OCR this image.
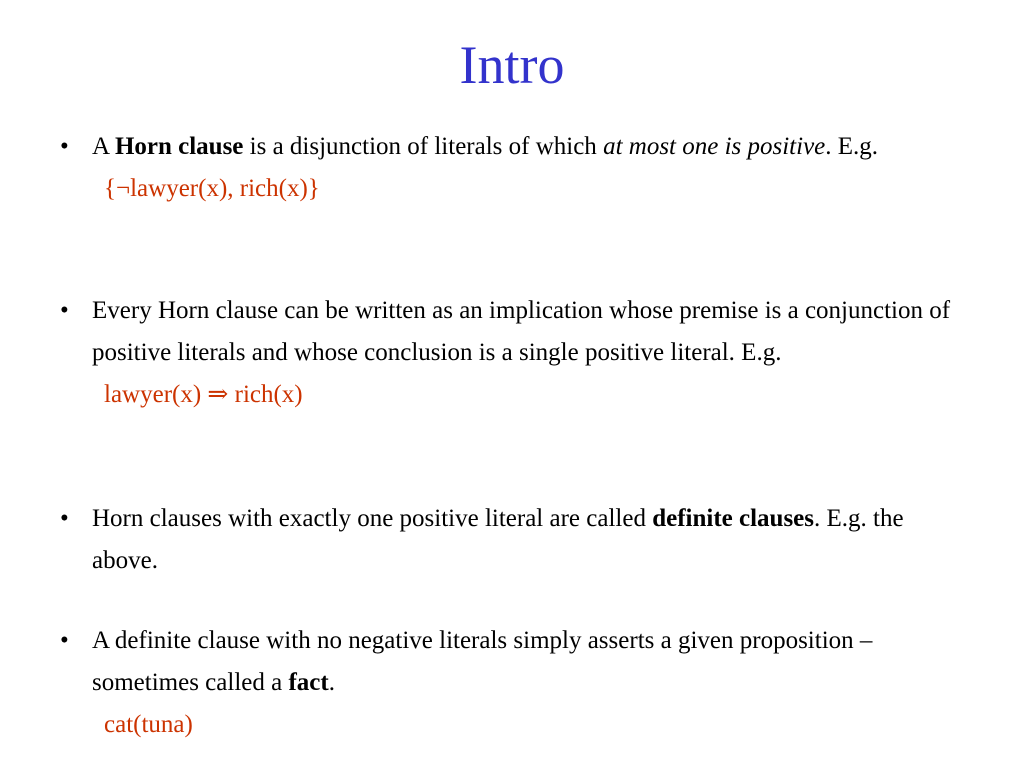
Intro
• A Horn clause is a disjunction of literals of which at most one is positive. E.g.
{¬lawyer(x), rich(x)}
• Every Horn clause can be written as an implication whose premise is a conjunction of positive literals and whose conclusion is a single positive literal. E.g.
lawyer(x) ⇒ rich(x)
• Horn clauses with exactly one positive literal are called definite clauses. E.g. the above.
• A definite clause with no negative literals simply asserts a given proposition – sometimes called a fact.
cat(tuna)
